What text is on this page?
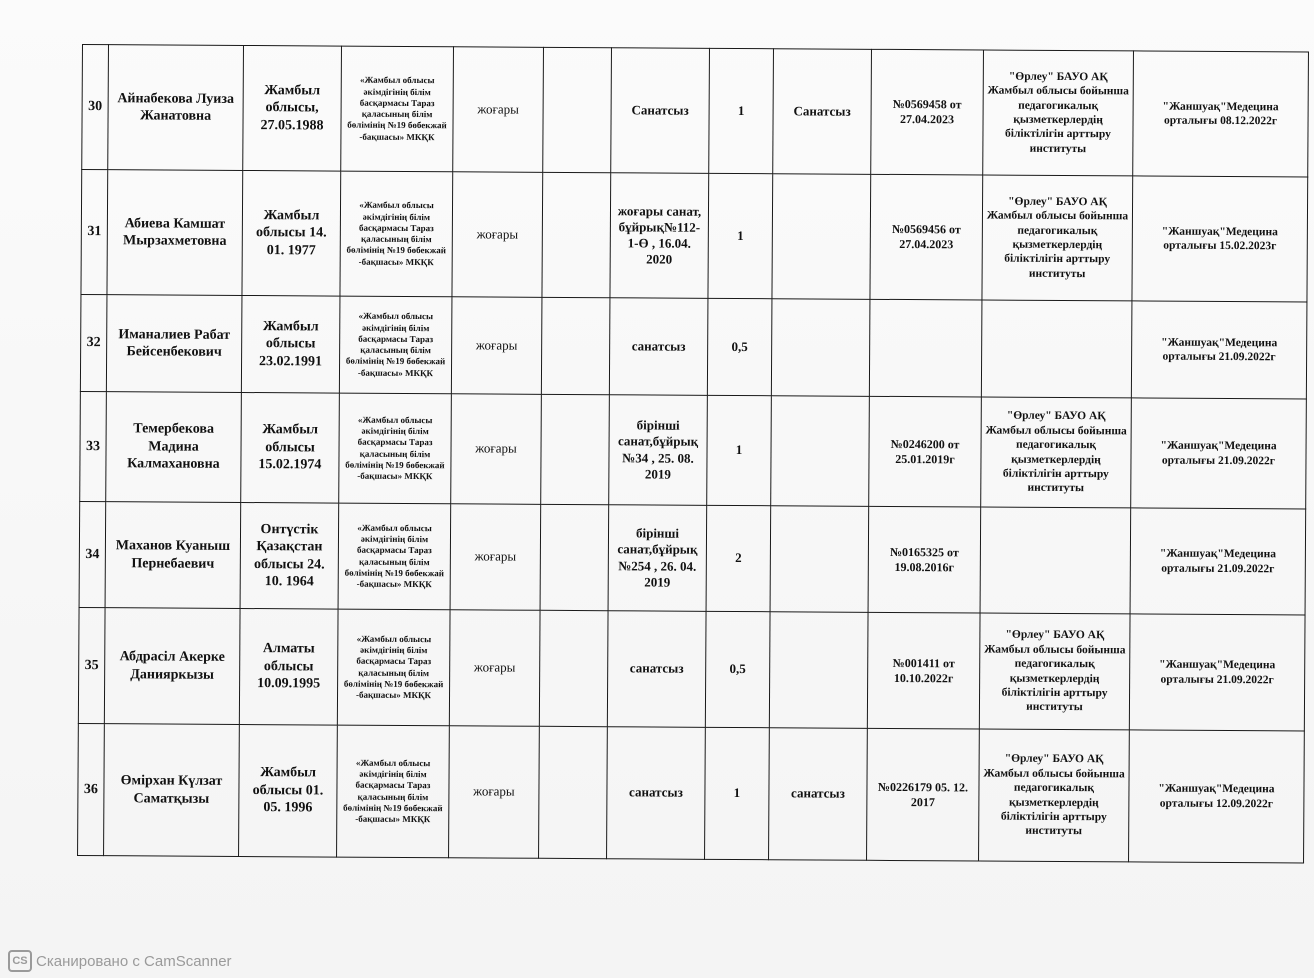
30	Айнабекова Луиза Жанатовна	Жамбыл облысы, 27.05.1988	«Жамбыл облысы әкімдігінің білім басқармасы Тараз қаласының білім бөлімінің №19 бөбекжай -бақшасы» МКҚК	жоғары		Санатсыз	1	Санатсыз	№0569458 от 27.04.2023	"Өрлеу" БАУО АҚ Жамбыл облысы бойынша педагогикалық қызметкерлердің біліктілігін арттыру институты	"Жаншуақ"Медецина орталығы 08.12.2022г
31	Абиева Камшат Мырзахметовна	Жамбыл облысы 14. 01. 1977	«Жамбыл облысы әкімдігінің білім басқармасы Тараз қаласының білім бөлімінің №19 бөбекжай -бақшасы» МКҚК	жоғары		жоғары санат, бұйрық№112-1-Ө , 16.04. 2020	1		№0569456 от 27.04.2023	"Өрлеу" БАУО АҚ Жамбыл облысы бойынша педагогикалық қызметкерлердің біліктілігін арттыру институты	"Жаншуақ"Медецина орталығы 15.02.2023г
32	Иманалиев Рабат Бейсенбекович	Жамбыл облысы 23.02.1991	«Жамбыл облысы әкімдігінің білім басқармасы Тараз қаласының білім бөлімінің №19 бөбекжай -бақшасы» МКҚК	жоғары		санатсыз	0,5				"Жаншуақ"Медецина орталығы 21.09.2022г
33	Темербекова Мадина Калмахановна	Жамбыл облысы 15.02.1974	«Жамбыл облысы әкімдігінің білім басқармасы Тараз қаласының білім бөлімінің №19 бөбекжай -бақшасы» МКҚК	жоғары		бірінші санат,бұйрық №34 , 25. 08. 2019	1		№0246200 от 25.01.2019г	"Өрлеу" БАУО АҚ Жамбыл облысы бойынша педагогикалық қызметкерлердің біліктілігін арттыру институты	"Жаншуақ"Медецина орталығы 21.09.2022г
34	Маханов Куаныш Пернебаевич	Онтүстік Қазақстан облысы 24. 10. 1964	«Жамбыл облысы әкімдігінің білім басқармасы Тараз қаласының білім бөлімінің №19 бөбекжай -бақшасы» МКҚК	жоғары		бірінші санат,бұйрық №254 , 26. 04. 2019	2		№0165325 от 19.08.2016г		"Жаншуақ"Медецина орталығы 21.09.2022г
35	Абдрасіл Акерке Данияркызы	Алматы облысы 10.09.1995	«Жамбыл облысы әкімдігінің білім басқармасы Тараз қаласының білім бөлімінің №19 бөбекжай -бақшасы» МКҚК	жоғары		санатсыз	0,5		№001411 от 10.10.2022г	"Өрлеу" БАУО АҚ Жамбыл облысы бойынша педагогикалық қызметкерлердің біліктілігін арттыру институты	"Жаншуақ"Медецина орталығы 21.09.2022г
36	Өмірхан Күлзат Саматқызы	Жамбыл облысы 01. 05. 1996	«Жамбыл облысы әкімдігінің білім басқармасы Тараз қаласының білім бөлімінің №19 бөбекжай -бақшасы» МКҚК	жоғары		санатсыз	1	санатсыз	№0226179 05. 12. 2017	"Өрлеу" БАУО АҚ Жамбыл облысы бойынша педагогикалық қызметкерлердің біліктілігін арттыру институты	"Жаншуақ"Медецина орталығы 12.09.2022г
CS Сканировано с CamScanner
